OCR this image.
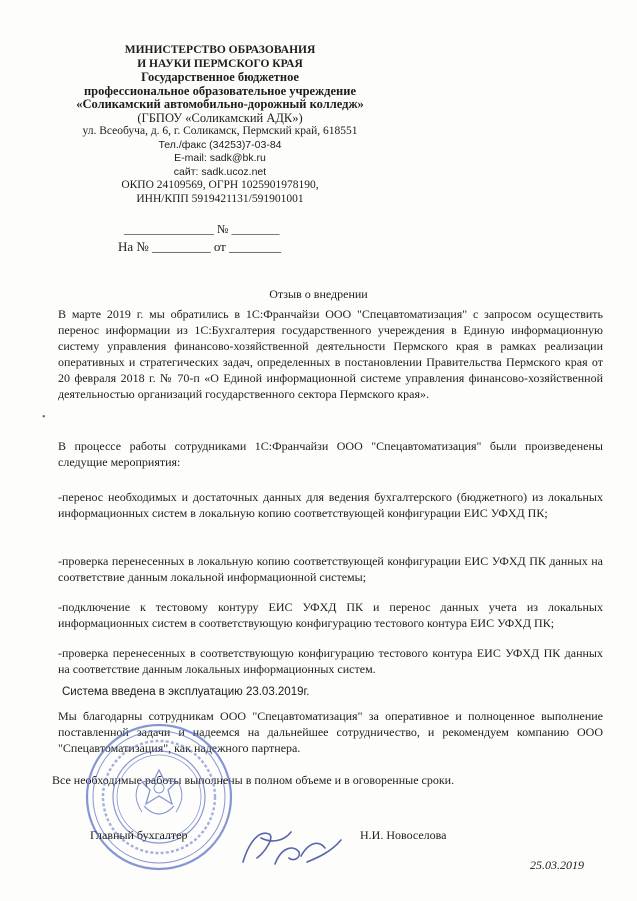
МИНИСТЕРСТВО ОБРАЗОВАНИЯ
И НАУКИ ПЕРМСКОГО КРАЯ
Государственное бюджетное
профессиональное образовательное учреждение
«Соликамский автомобильно-дорожный колледж»
(ГБПОУ «Соликамский АДК»)
ул. Всеобуча, д. 6, г. Соликамск, Пермский край, 618551
Тел./факс (34253)7-03-84
E-mail: sadk@bk.ru
сайт: sadk.ucoz.net
ОКПО 24109569, ОГРН 1025901978190,
ИНН/КПП 5919421131/591901001
_______________ № ________
На № _________ от ________
Отзыв о внедрении
•

В марте 2019 г. мы обратились в 1С:Франчайзи ООО "Спецавтоматизация" с запросом осуществить перенос информации из 1С:Бухгалтерия государственного учереждения в Единую информационную систему управления финансово-хозяйственной деятельности Пермского края в рамках реализации оперативных и стратегических задач, определенных в постановлении Правительства Пермского края от 20 февраля 2018 г. № 70-п «О Единой информационной системе управления финансово-хозяйственной деятельностью организаций государственного сектора Пермского края».

В процессе работы сотрудниками 1С:Франчайзи ООО "Спецавтоматизация" были произведенены следущие мероприятия:

-перенос необходимых и достаточных данных для ведения бухгалтерского (бюджетного) из локальных информационных систем в локальную копию соответствующей конфигурации ЕИС УФХД ПК;

-проверка перенесенных в локальную копию соответствующей конфигурации ЕИС УФХД ПК данных на соответствие данным локальной информационной системы;

-подключение к тестовому контуру ЕИС УФХД ПК и перенос данных учета из локальных информационных систем в соответствующую конфигурацию тестового контура ЕИС УФХД ПК;

-проверка перенесенных в соответствующую конфигурацию тестового контура ЕИС УФХД ПК данных на соответствие данным локальных информационных систем.

Система введена в эксплуатацию 23.03.2019г.

Мы благодарны сотрудникам ООО "Спецавтоматизация" за оперативное и полноценное выполнение поставленной задачи и надеемся на дальнейшее сотрудничество, и рекомендуем компанию ООО "Спецавтоматизация", как надежного партнера.

Все необходимые работы выполнены в полном объеме и в оговоренные сроки.

Главный бухгалтер	Н.И. Новоселова
25.03.2019
